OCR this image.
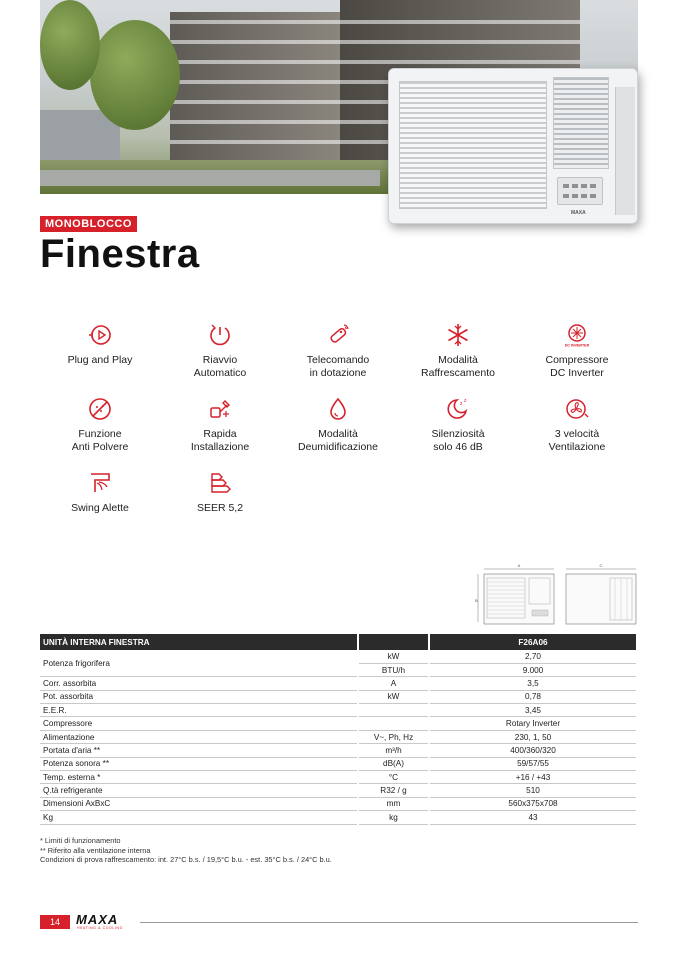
MAXA
MONOBLOCCO
Finestra
Plug and Play	Riavvio
Automatico
Telecomando
in dotazione
Modalità
Raffrescamento
DC INVERTER
Compressore
DC Inverter
Funzione
Anti Polvere
Rapida
Installazione
Modalità
Deumidificazione
z z
Silenziosità
solo 46 dB
3 velocità
Ventilazione
Swing Alette	SEER 5,2
A
B
C
UNITÀ INTERNA FINESTRA				F26A06
Potenza frigorifera		kW		2,70
		BTU/h		9.000
Corr. assorbita		A		3,5
Pot. assorbita		kW		0,78
E.E.R.				3,45
Compressore				Rotary Inverter
Alimentazione		V~, Ph, Hz		230, 1, 50
Portata d'aria **		m³/h		400/360/320
Potenza sonora **		dB(A)		59/57/55
Temp. esterna *		°C		+16 / +43
Q.tà refrigerante		R32 / g		510
Dimensioni AxBxC		mm		560x375x708
Kg		kg		43
* Limiti di funzionamento
** Riferito alla ventilazione interna
Condizioni di prova raffrescamento: int. 27°C b.s. / 19,5°C b.u. - est. 35°C b.s. / 24°C b.u.
14	MAXA
HEATING & COOLING
